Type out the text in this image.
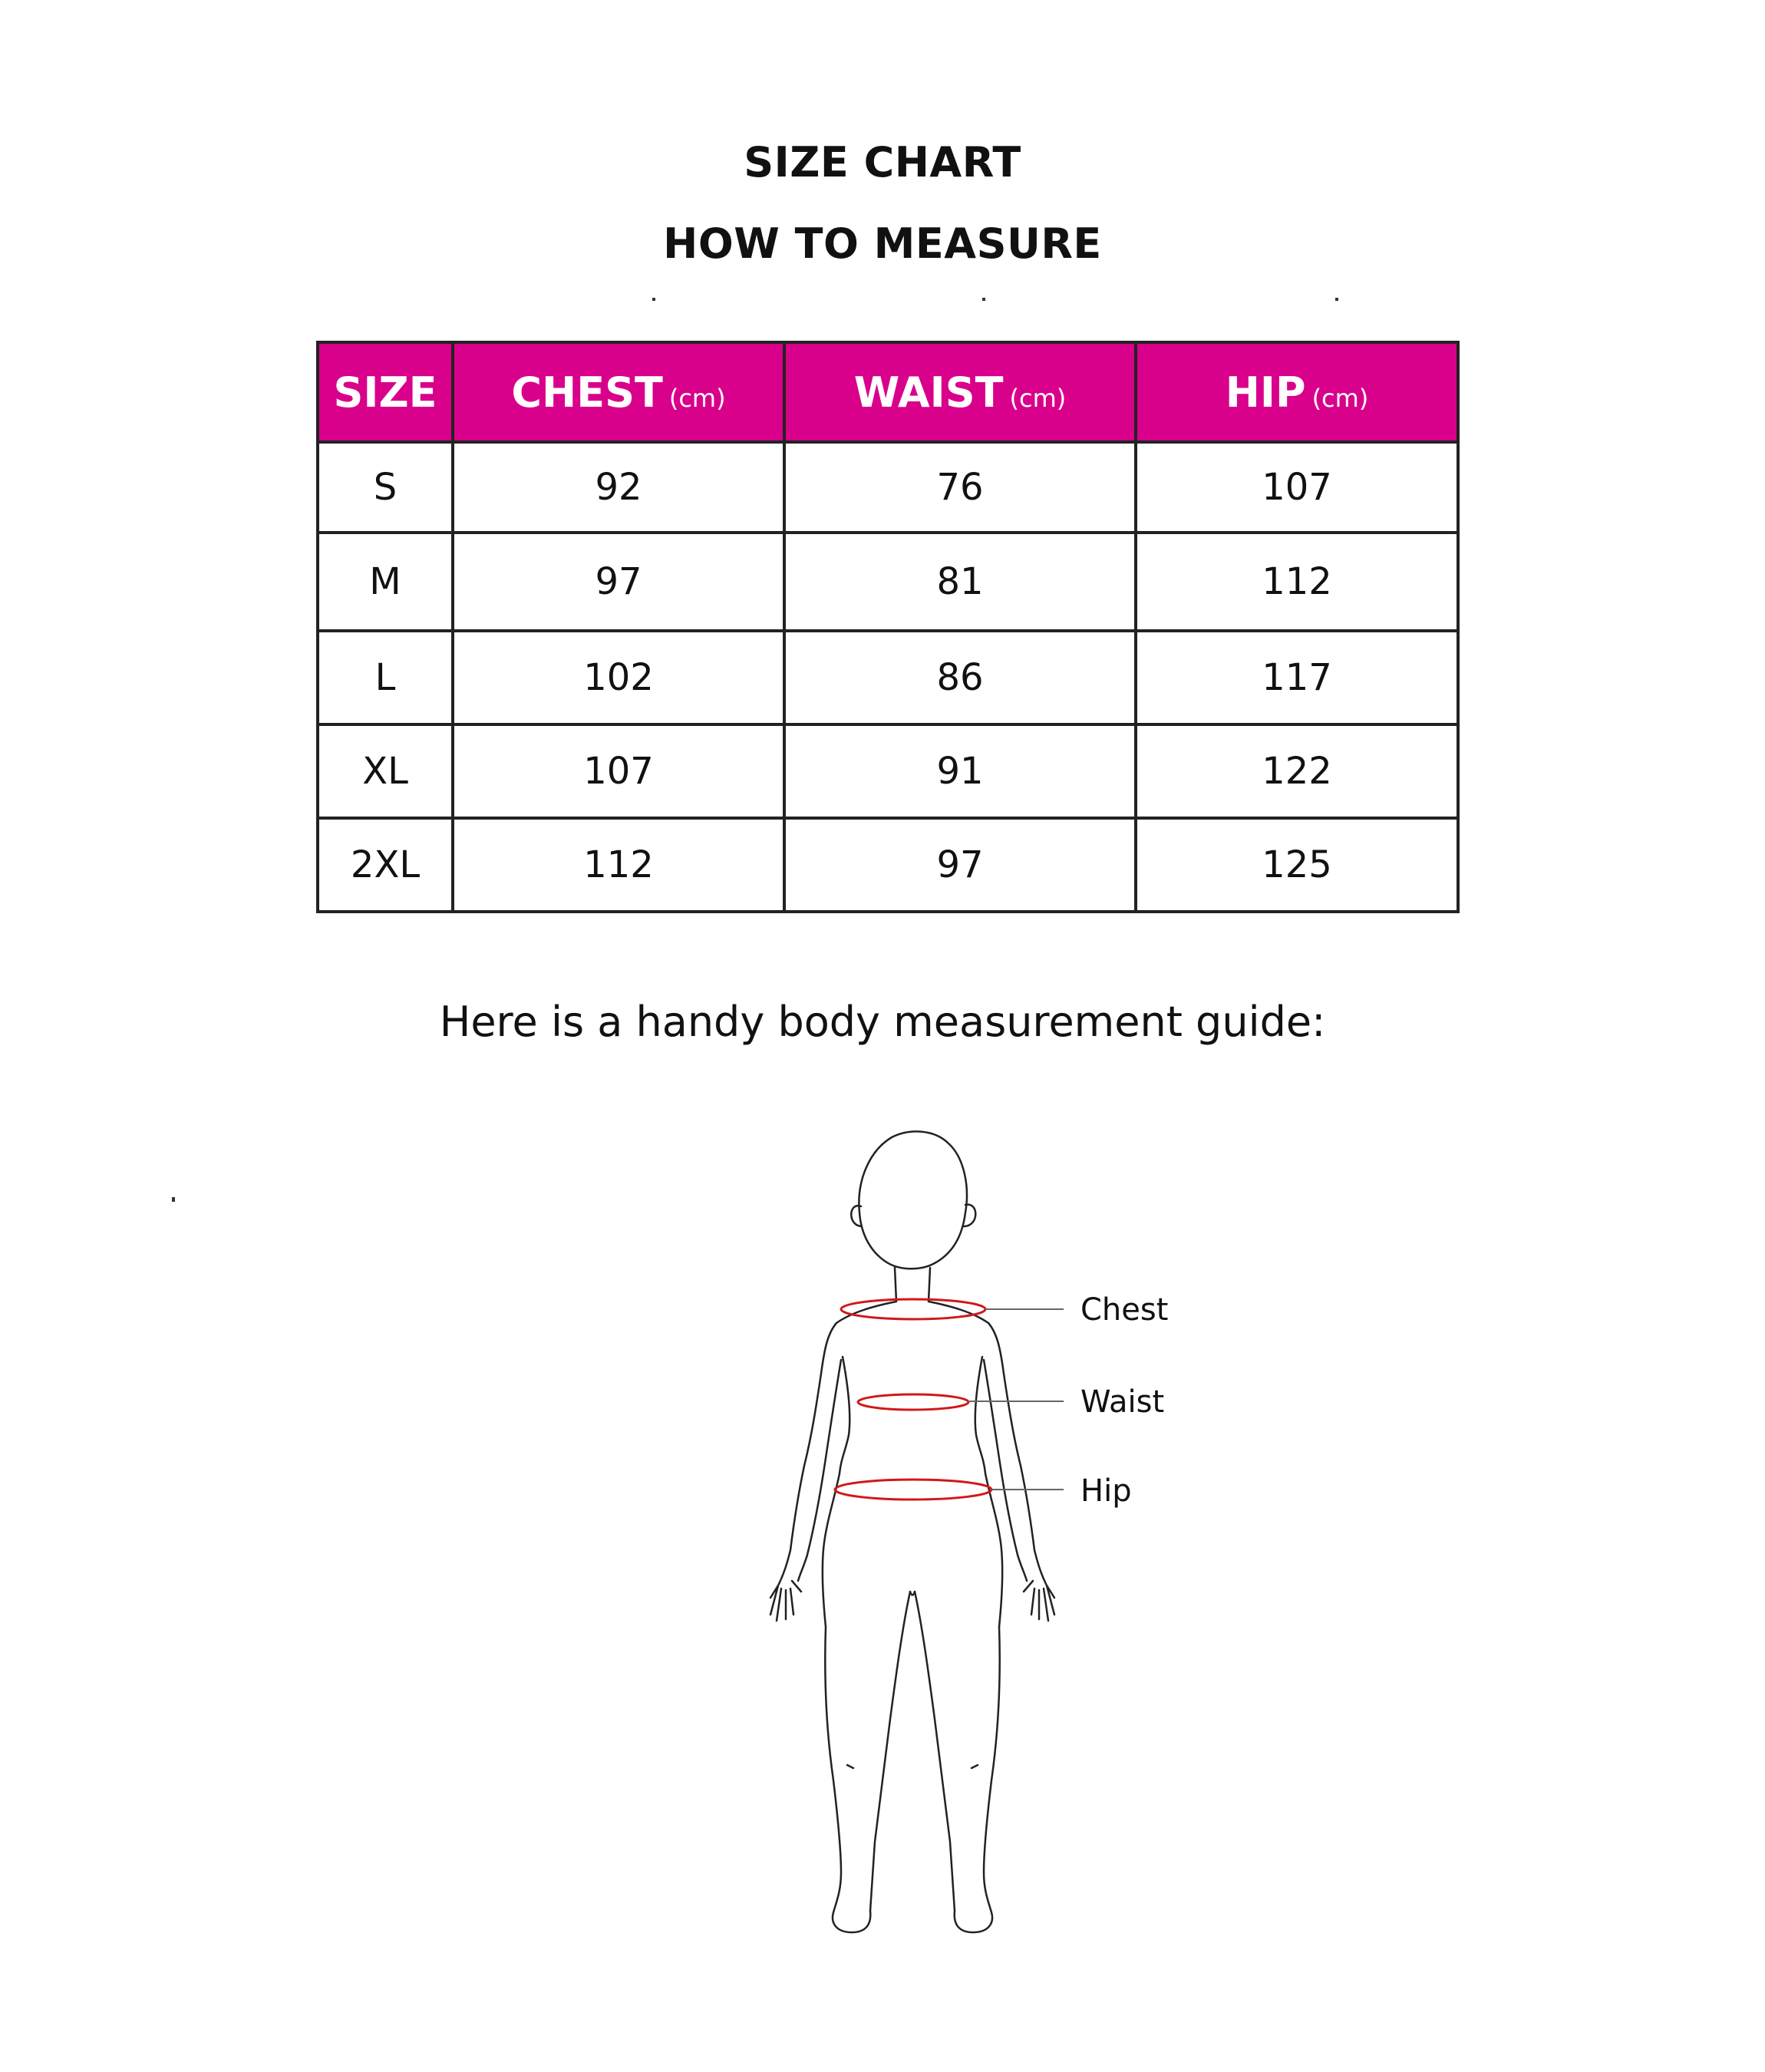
SIZE CHART
HOW TO MEASURE
SIZE	CHEST (cm)	WAIST (cm)	HIP (cm)
S	92	76	107
M	97	81	112
L	102	86	117
XL	107	91	122
2XL	112	97	125

Here is a handy body measurement guide:

Chest
Waist
Hip
